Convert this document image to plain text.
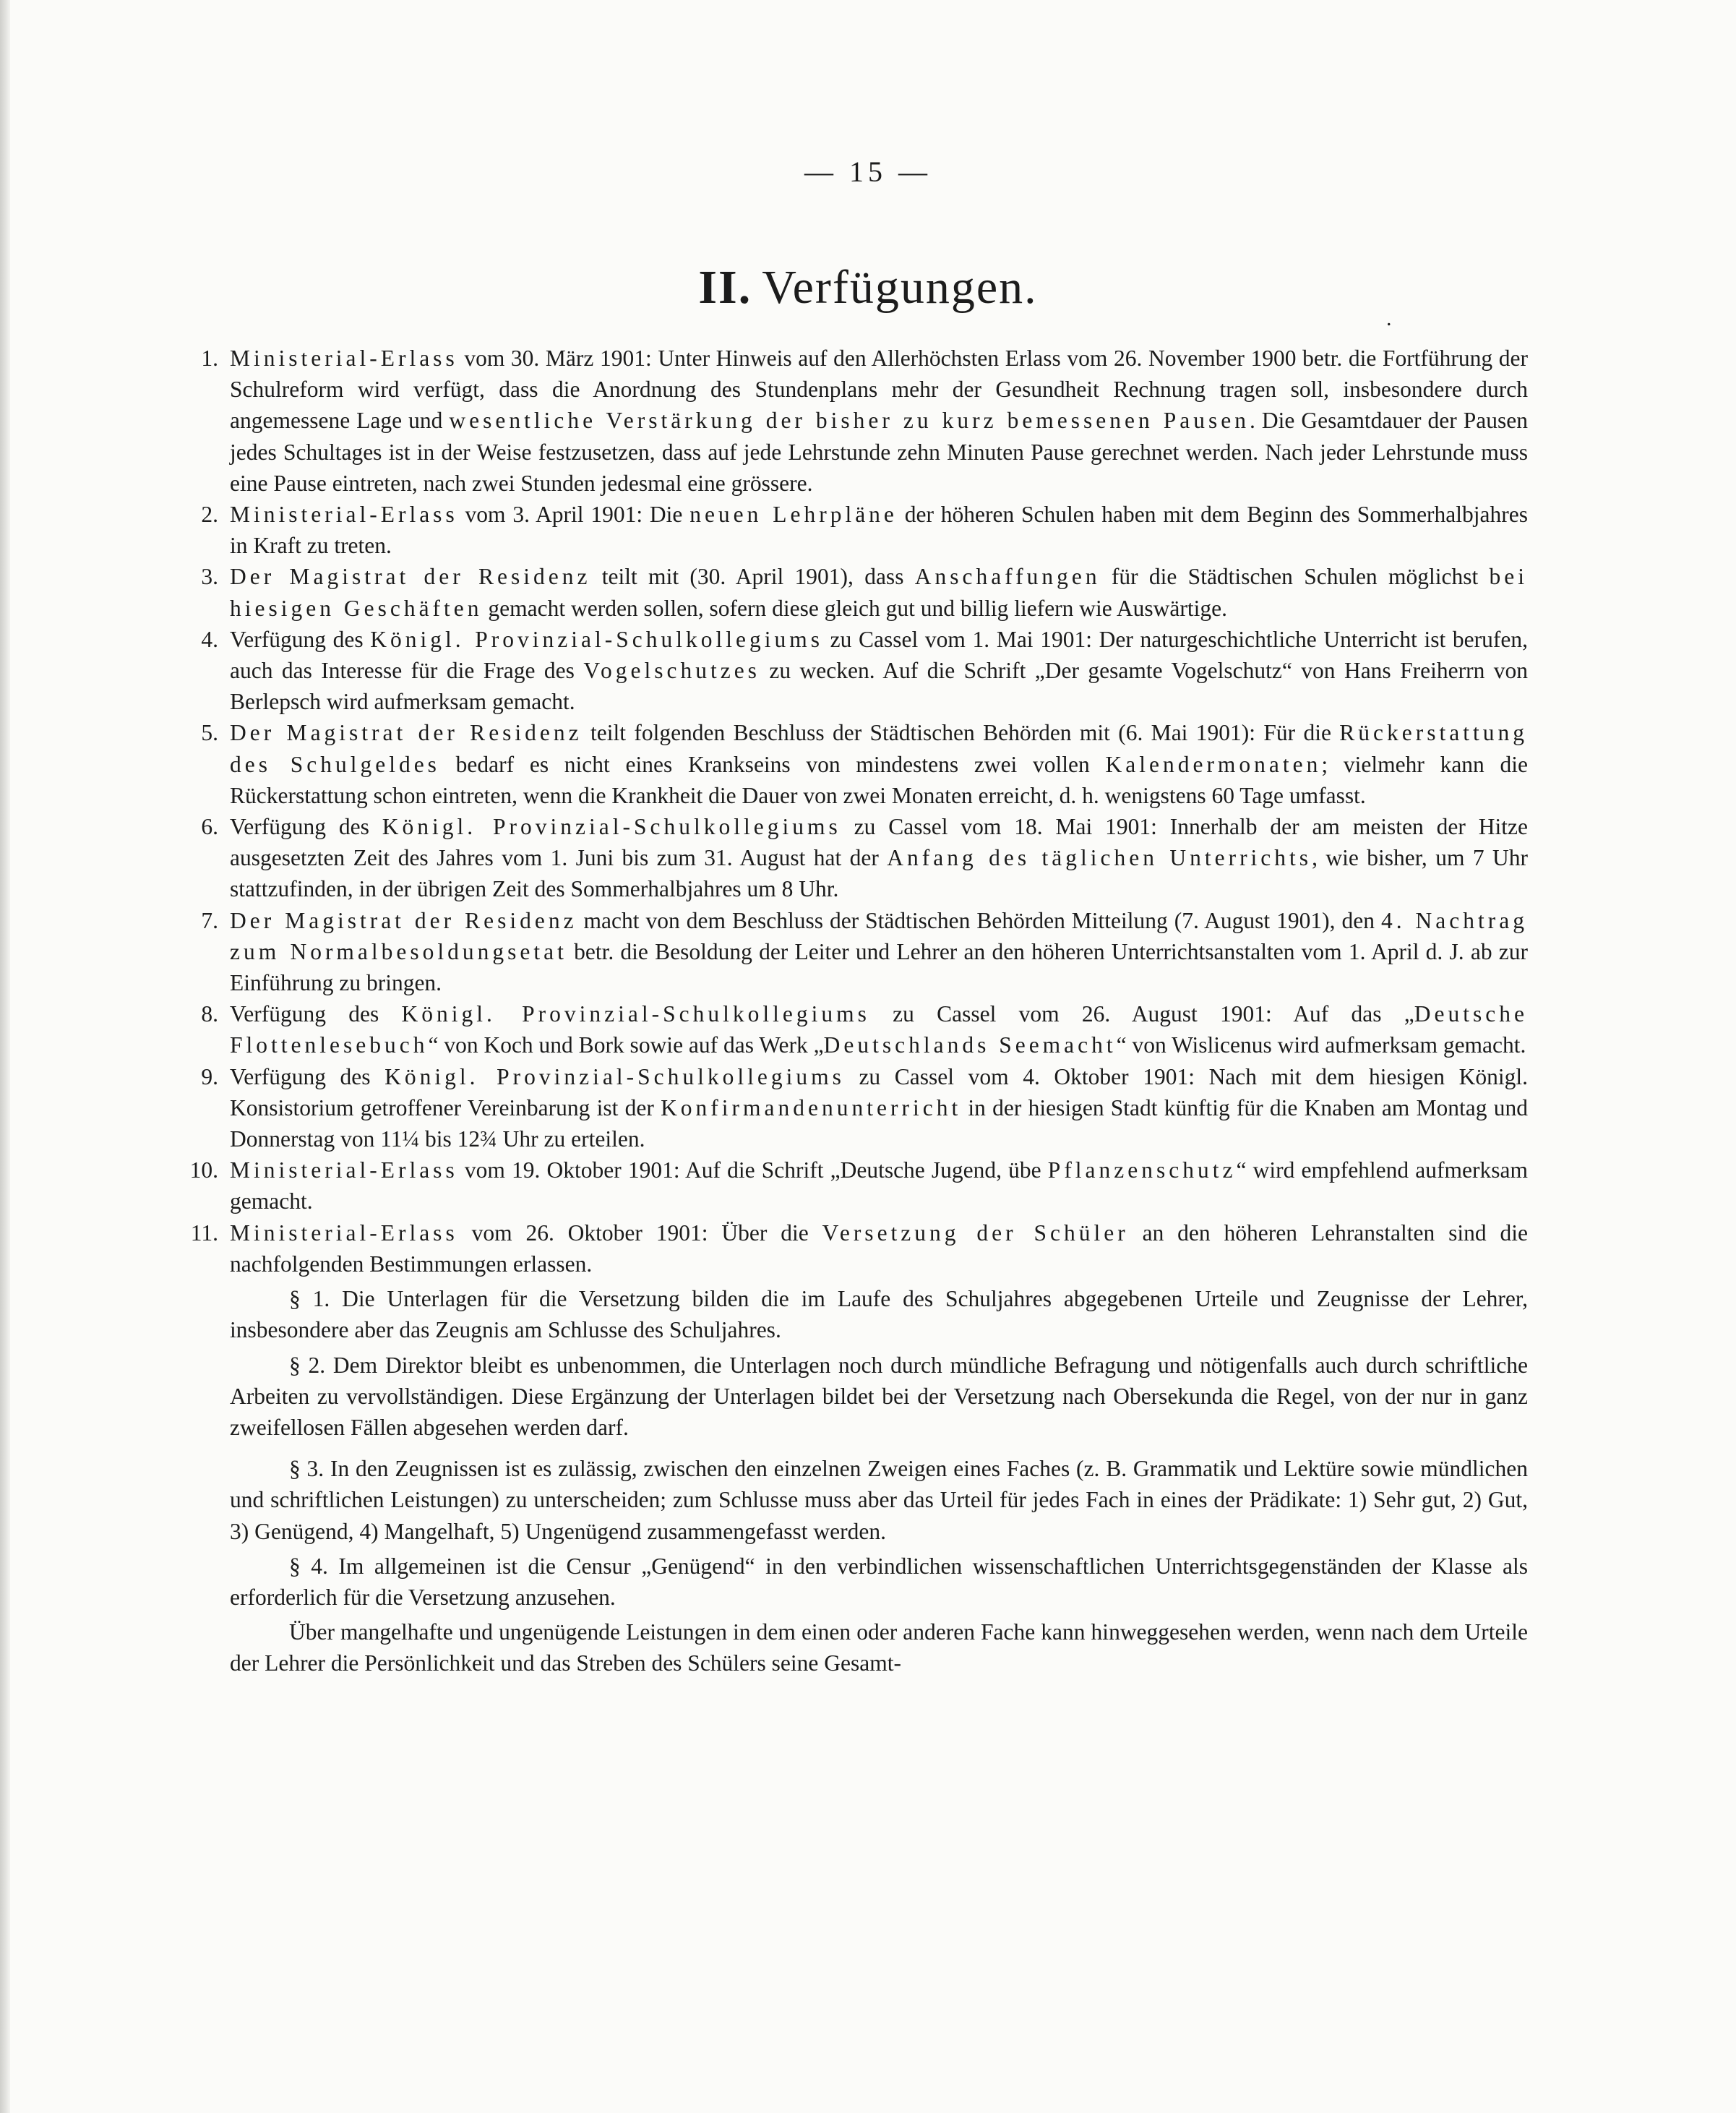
— 15 —
II. Verfügungen.
.
1. Ministerial-Erlass vom 30. März 1901: Unter Hinweis auf den Allerhöchsten Erlass vom 26. November 1900 betr. die Fortführung der Schulreform wird verfügt, dass die Anordnung des Stundenplans mehr der Gesundheit Rechnung tragen soll, insbesondere durch angemessene Lage und wesentliche Verstärkung der bisher zu kurz bemessenen Pausen. Die Gesamtdauer der Pausen jedes Schultages ist in der Weise festzusetzen, dass auf jede Lehrstunde zehn Minuten Pause gerechnet werden. Nach jeder Lehrstunde muss eine Pause eintreten, nach zwei Stunden jedesmal eine grössere.
2. Ministerial-Erlass vom 3. April 1901: Die neuen Lehrpläne der höheren Schulen haben mit dem Beginn des Sommerhalbjahres in Kraft zu treten.
3. Der Magistrat der Residenz teilt mit (30. April 1901), dass Anschaffungen für die Städtischen Schulen möglichst bei hiesigen Geschäften gemacht werden sollen, sofern diese gleich gut und billig liefern wie Auswärtige.
4. Verfügung des Königl. Provinzial-Schulkollegiums zu Cassel vom 1. Mai 1901: Der naturgeschichtliche Unterricht ist berufen, auch das Interesse für die Frage des Vogelschutzes zu wecken. Auf die Schrift „Der gesamte Vogelschutz“ von Hans Freiherrn von Berlepsch wird aufmerksam gemacht.
5. Der Magistrat der Residenz teilt folgenden Beschluss der Städtischen Behörden mit (6. Mai 1901): Für die Rückerstattung des Schulgeldes bedarf es nicht eines Krankseins von mindestens zwei vollen Kalendermonaten; vielmehr kann die Rückerstattung schon eintreten, wenn die Krankheit die Dauer von zwei Monaten erreicht, d. h. wenigstens 60 Tage umfasst.
6. Verfügung des Königl. Provinzial-Schulkollegiums zu Cassel vom 18. Mai 1901: Innerhalb der am meisten der Hitze ausgesetzten Zeit des Jahres vom 1. Juni bis zum 31. August hat der Anfang des täglichen Unterrichts, wie bisher, um 7 Uhr stattzufinden, in der übrigen Zeit des Sommerhalbjahres um 8 Uhr.
7. Der Magistrat der Residenz macht von dem Beschluss der Städtischen Behörden Mitteilung (7. August 1901), den 4. Nachtrag zum Normalbesoldungsetat betr. die Besoldung der Leiter und Lehrer an den höheren Unterrichtsanstalten vom 1. April d. J. ab zur Einführung zu bringen.
8. Verfügung des Königl. Provinzial-Schulkollegiums zu Cassel vom 26. August 1901: Auf das „Deutsche Flottenlesebuch“ von Koch und Bork sowie auf das Werk „Deutschlands Seemacht“ von Wislicenus wird aufmerksam gemacht.
9. Verfügung des Königl. Provinzial-Schulkollegiums zu Cassel vom 4. Oktober 1901: Nach mit dem hiesigen Königl. Konsistorium getroffener Vereinbarung ist der Konfirmandenunterricht in der hiesigen Stadt künftig für die Knaben am Montag und Donnerstag von 11¼ bis 12¾ Uhr zu erteilen.
10. Ministerial-Erlass vom 19. Oktober 1901: Auf die Schrift „Deutsche Jugend, übe Pflanzenschutz“ wird empfehlend aufmerksam gemacht.
11. Ministerial-Erlass vom 26. Oktober 1901: Über die Versetzung der Schüler an den höheren Lehranstalten sind die nachfolgenden Bestimmungen erlassen.
§ 1. Die Unterlagen für die Versetzung bilden die im Laufe des Schuljahres abgegebenen Urteile und Zeugnisse der Lehrer, insbesondere aber das Zeugnis am Schlusse des Schuljahres.
§ 2. Dem Direktor bleibt es unbenommen, die Unterlagen noch durch mündliche Befragung und nötigenfalls auch durch schriftliche Arbeiten zu vervollständigen. Diese Ergänzung der Unterlagen bildet bei der Versetzung nach Obersekunda die Regel, von der nur in ganz zweifellosen Fällen abgesehen werden darf.
§ 3. In den Zeugnissen ist es zulässig, zwischen den einzelnen Zweigen eines Faches (z. B. Grammatik und Lektüre sowie mündlichen und schriftlichen Leistungen) zu unterscheiden; zum Schlusse muss aber das Urteil für jedes Fach in eines der Prädikate: 1) Sehr gut, 2) Gut, 3) Genügend, 4) Mangelhaft, 5) Ungenügend zusammengefasst werden.
§ 4. Im allgemeinen ist die Censur „Genügend“ in den verbindlichen wissenschaftlichen Unterrichtsgegenständen der Klasse als erforderlich für die Versetzung anzusehen.
Über mangelhafte und ungenügende Leistungen in dem einen oder anderen Fache kann hinweggesehen werden, wenn nach dem Urteile der Lehrer die Persönlichkeit und das Streben des Schülers seine Gesamt-
